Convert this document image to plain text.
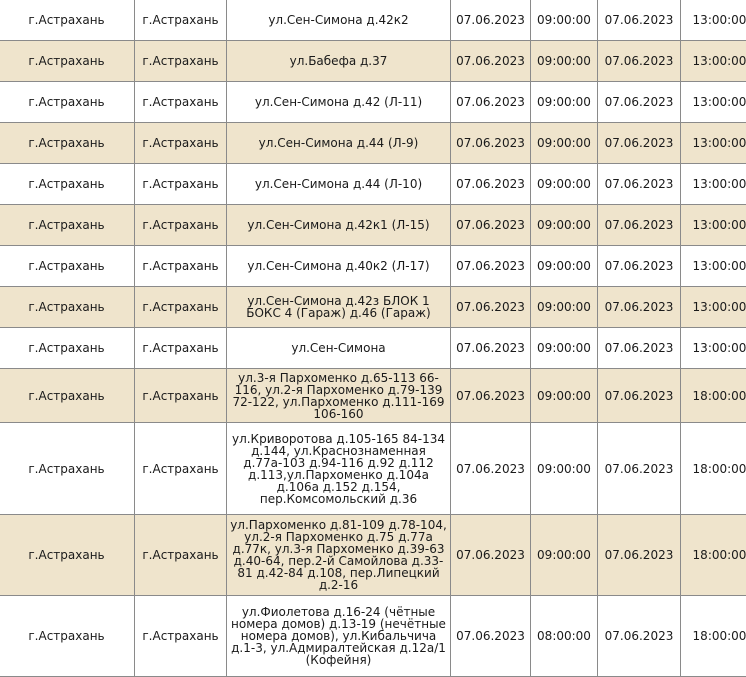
г.Астрахань	г.Астрахань	ул.Сен-Симона д.42к2	07.06.2023	09:00:00	07.06.2023	13:00:00
г.Астрахань	г.Астрахань	ул.Бабефа д.37	07.06.2023	09:00:00	07.06.2023	13:00:00
г.Астрахань	г.Астрахань	ул.Сен-Симона д.42 (Л-11)	07.06.2023	09:00:00	07.06.2023	13:00:00
г.Астрахань	г.Астрахань	ул.Сен-Симона д.44 (Л-9)	07.06.2023	09:00:00	07.06.2023	13:00:00
г.Астрахань	г.Астрахань	ул.Сен-Симона д.44 (Л-10)	07.06.2023	09:00:00	07.06.2023	13:00:00
г.Астрахань	г.Астрахань	ул.Сен-Симона д.42к1 (Л-15)	07.06.2023	09:00:00	07.06.2023	13:00:00
г.Астрахань	г.Астрахань	ул.Сен-Симона д.40к2 (Л-17)	07.06.2023	09:00:00	07.06.2023	13:00:00
г.Астрахань	г.Астрахань	ул.Сен-Симона д.42з БЛОК 1 БОКС 4 (Гараж) д.46 (Гараж)	07.06.2023	09:00:00	07.06.2023	13:00:00
г.Астрахань	г.Астрахань	ул.Сен-Симона	07.06.2023	09:00:00	07.06.2023	13:00:00
г.Астрахань	г.Астрахань	ул.3-я Пархоменко д.65-113 66-116, ул.2-я Пархоменко д.79-139 72-122, ул.Пархоменко д.111-169 106-160	07.06.2023	09:00:00	07.06.2023	18:00:00
г.Астрахань	г.Астрахань	ул.Криворотова д.105-165 84-134 д.144, ул.Краснознаменная д.77а-103 д.94-116 д.92 д.112 д.113,ул.Пархоменко д.104а д.106а д.152 д.154, пер.Комсомольский д.36	07.06.2023	09:00:00	07.06.2023	18:00:00
г.Астрахань	г.Астрахань	ул.Пархоменко д.81-109 д.78-104, ул.2-я Пархоменко д.75 д.77а д.77к, ул.3-я Пархоменко д.39-63 д.40-64, пер.2-й Самойлова д.33-81 д.42-84 д.108, пер.Липецкий д.2-16	07.06.2023	09:00:00	07.06.2023	18:00:00
г.Астрахань	г.Астрахань	ул.Фиолетова д.16-24 (чётные номера домов) д.13-19 (нечётные номера домов), ул.Кибальчича д.1-3, ул.Адмиралтейская д.12а/1 (Кофейня)	07.06.2023	08:00:00	07.06.2023	18:00:00
